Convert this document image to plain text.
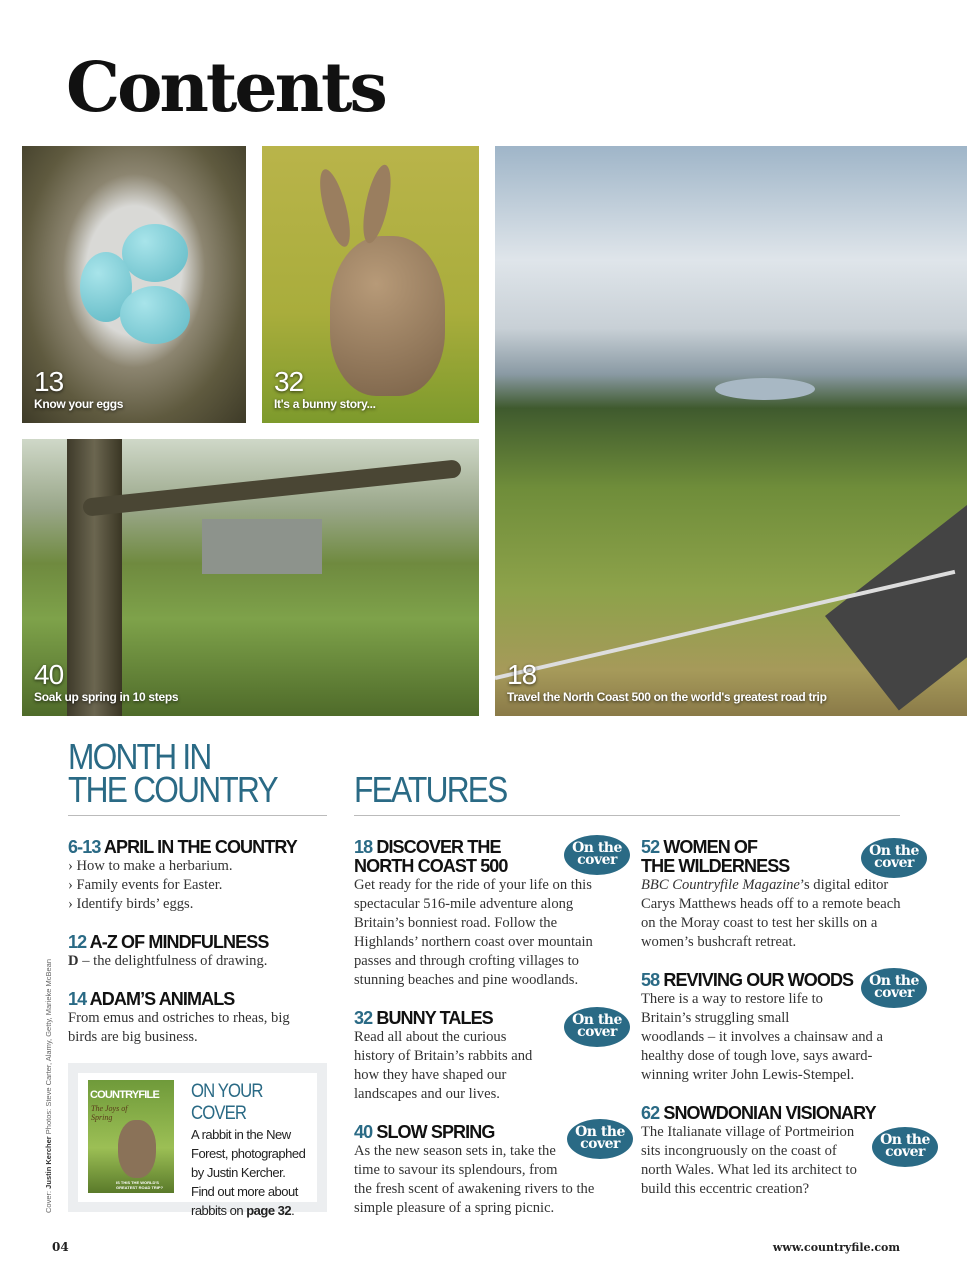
Contents
13
Know your eggs
32
It's a bunny story...
40
Soak up spring in 10 steps
18
Travel the North Coast 500 on the world's greatest road trip
MONTH IN
THE COUNTRY
6-13 APRIL IN THE COUNTRY
› How to make a herbarium.
› Family events for Easter.
› Identify birds’ eggs.
12 A-Z OF MINDFULNESS
D – the delightfulness of drawing.
14 ADAM’S ANIMALS
From emus and ostriches to rheas, big birds are big business.
COUNTRYFILE
The Joys of Spring
IS THIS THE WORLD'S GREATEST ROAD TRIP?
ON YOUR COVER
A rabbit in the New Forest, photographed by Justin Kercher. Find out more about rabbits on page 32.
Cover: Justin Kercher Photos: Steve Carter, Alamy, Getty, Marieke McBean
FEATURES
18 DISCOVER THE
NORTH COAST 500
Get ready for the ride of your life on this spectacular 516-mile adventure along Britain’s bonniest road. Follow the Highlands’ northern coast over mountain passes and through crofting villages to stunning beaches and pine woodlands.
On the
cover
32 BUNNY TALES
Read all about the curious history of Britain’s rabbits and how they have shaped our landscapes and our lives.
On the
cover
40 SLOW SPRING
As the new season sets in, take the time to savour its splendours, from the fresh scent of awakening rivers to the simple pleasure of a spring picnic.
On the
cover
52 WOMEN OF
THE WILDERNESS
BBC Countryfile Magazine’s digital editor Carys Matthews heads off to a remote beach on the Moray coast to test her skills on a women’s bushcraft retreat.
On the
cover
58 REVIVING OUR WOODS
There is a way to restore life to Britain’s struggling small woodlands – it involves a chainsaw and a healthy dose of tough love, says award-winning writer John Lewis-Stempel.
On the
cover
62 SNOWDONIAN VISIONARY
The Italianate village of Portmeirion sits incongruously on the coast of north Wales. What led its architect to build this eccentric creation?
On the
cover
04	www.countryfile.com
